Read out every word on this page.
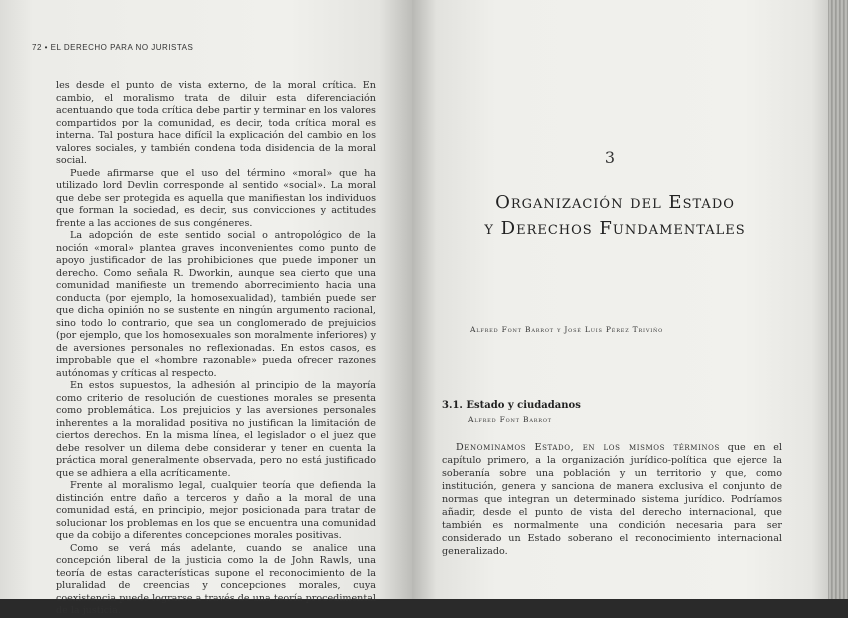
72 • EL DERECHO PARA NO JURISTAS

les desde el punto de vista externo, de la moral crítica. En cambio, el moralismo trata de diluir esta diferenciación acentuando que toda crítica debe partir y terminar en los valores compartidos por la comunidad, es decir, toda crítica moral es interna. Tal postura hace difícil la explicación del cambio en los valores sociales, y también condena toda disidencia de la moral social.

Puede afirmarse que el uso del término «moral» que ha utilizado lord Devlin corresponde al sentido «social». La moral que debe ser protegida es aquella que manifiestan los individuos que forman la sociedad, es decir, sus convicciones y actitudes frente a las acciones de sus congéneres.

La adopción de este sentido social o antropológico de la noción «moral» plantea graves inconvenientes como punto de apoyo justificador de las prohibiciones que puede imponer un derecho. Como señala R. Dworkin, aunque sea cierto que una comunidad manifieste un tremendo aborrecimiento hacia una conducta (por ejemplo, la homosexualidad), también puede ser que dicha opinión no se sustente en ningún argumento racional, sino todo lo contrario, que sea un conglomerado de prejuicios (por ejemplo, que los homosexuales son moralmente inferiores) y de aversiones personales no reflexionadas. En estos casos, es improbable que el «hombre razonable» pueda ofrecer razones autónomas y críticas al respecto.

En estos supuestos, la adhesión al principio de la mayoría como criterio de resolución de cuestiones morales se presenta como problemática. Los prejuicios y las aversiones personales inherentes a la moralidad positiva no justifican la limitación de ciertos derechos. En la misma línea, el legislador o el juez que debe resolver un dilema debe considerar y tener en cuenta la práctica moral generalmente observada, pero no está justificado que se adhiera a ella acríticamente.

Frente al moralismo legal, cualquier teoría que defienda la distinción entre daño a terceros y daño a la moral de una comunidad está, en principio, mejor posicionada para tratar de solucionar los problemas en los que se encuentra una comunidad que da cobijo a diferentes concepciones morales positivas.

Como se verá más adelante, cuando se analice una concepción liberal de la justicia como la de John Rawls, una teoría de estas características supone el reconocimiento de la pluralidad de creencias y concepciones morales, cuya coexistencia puede lograrse a través de una teoría procedimental de la justicia.

3
Organización del Estado
y Derechos Fundamentales
Alfred Font Barrot y José Luis Pérez Triviño
3.1. Estado y ciudadanos
Alfred Font Barrot

Denominamos Estado, en los mismos términos que en el capítulo primero, a la organización jurídico-política que ejerce la soberanía sobre una población y un territorio y que, como institución, genera y sanciona de manera exclusiva el conjunto de normas que integran un determinado sistema jurídico. Podríamos añadir, desde el punto de vista del derecho internacional, que también es normalmente una condición necesaria para ser considerado un Estado soberano el reconocimiento internacional generalizado.
